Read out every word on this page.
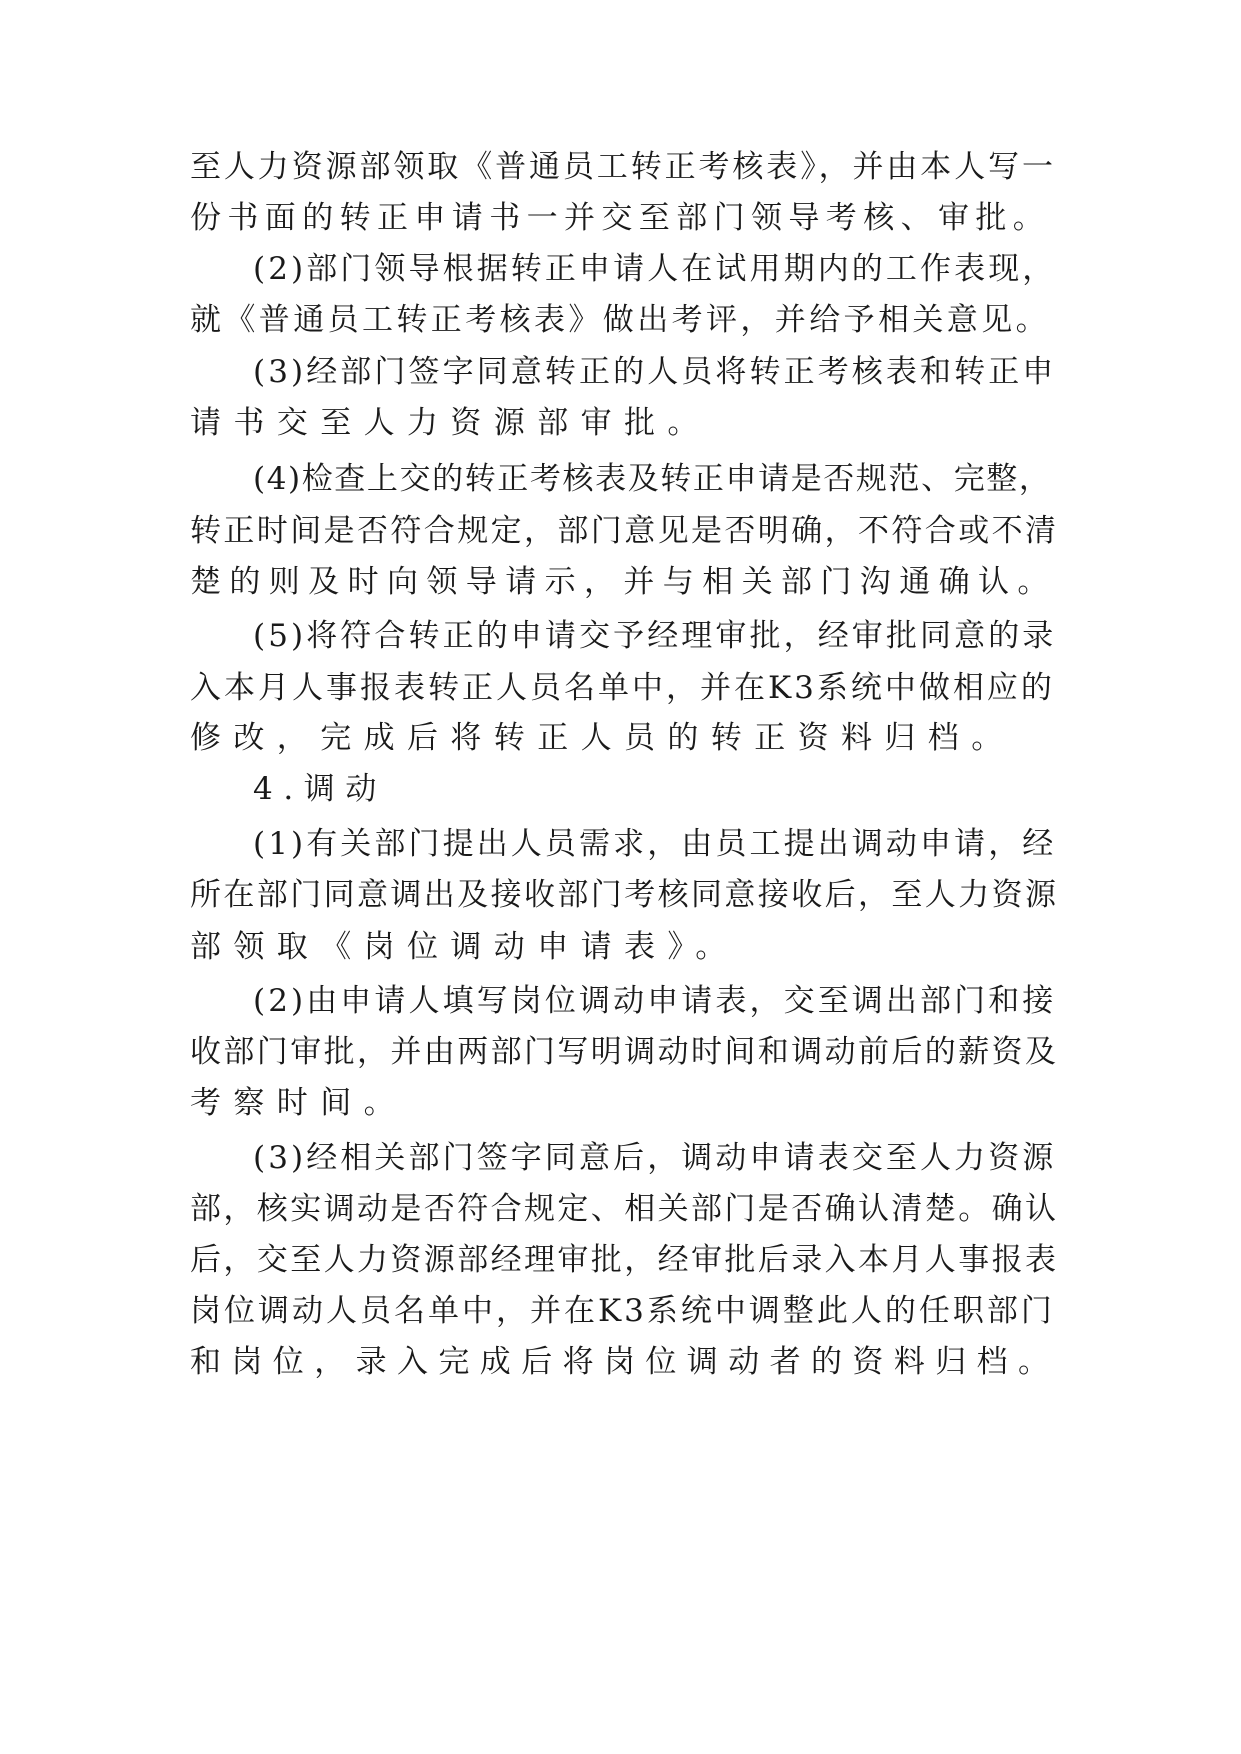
至人力资源部领取《普通员工转正考核表》，并由本人写一
份书面的转正申请书一并交至部门领导考核、审批。
(2)部门领导根据转正申请人在试用期内的工作表现，
就《普通员工转正考核表》做出考评，并给予相关意见。
(3)经部门签字同意转正的人员将转正考核表和转正申
请书交至人力资源部审批。
(4)检查上交的转正考核表及转正申请是否规范、完整，
转正时间是否符合规定，部门意见是否明确，不符合或不清
楚的则及时向领导请示，并与相关部门沟通确认。
(5)将符合转正的申请交予经理审批，经审批同意的录
入本月人事报表转正人员名单中，并在K3系统中做相应的
修改，完成后将转正人员的转正资料归档。
4.调动
(1)有关部门提出人员需求，由员工提出调动申请，经
所在部门同意调出及接收部门考核同意接收后，至人力资源
部领取《岗位调动申请表》。
(2)由申请人填写岗位调动申请表，交至调出部门和接
收部门审批，并由两部门写明调动时间和调动前后的薪资及
考察时间。
(3)经相关部门签字同意后，调动申请表交至人力资源
部，核实调动是否符合规定、相关部门是否确认清楚。确认
后，交至人力资源部经理审批，经审批后录入本月人事报表
岗位调动人员名单中，并在K3系统中调整此人的任职部门
和岗位，录入完成后将岗位调动者的资料归档。
